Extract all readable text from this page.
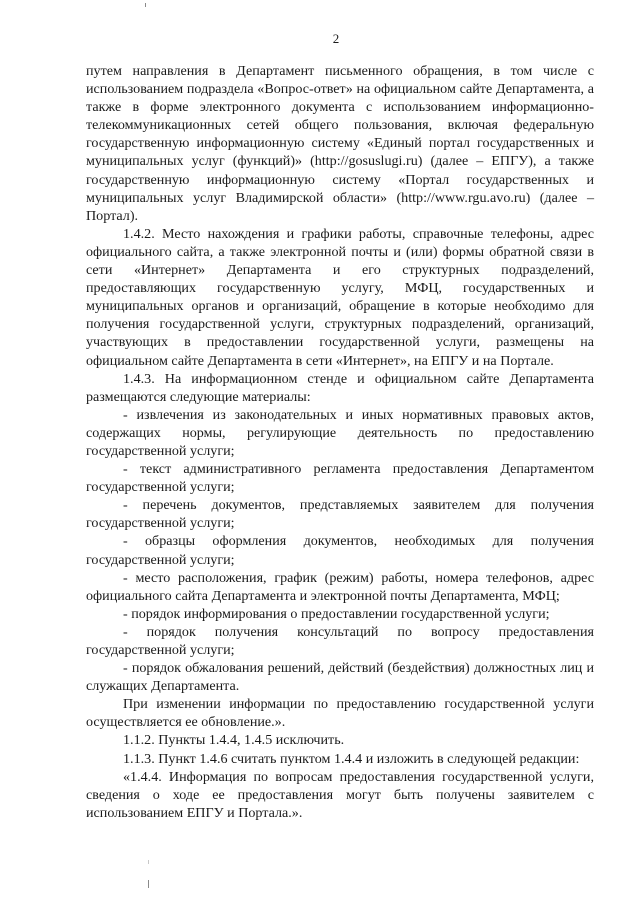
2

путем направления в Департамент письменного обращения, в том числе с использованием подраздела «Вопрос-ответ» на официальном сайте Департамента, а также в форме электронного документа с использованием информационно-телекоммуникационных сетей общего пользования, включая федеральную государственную информационную систему «Единый портал государственных и муниципальных услуг (функций)» (http://gosuslugi.ru) (далее – ЕПГУ), а также государственную информационную систему «Портал государственных и муниципальных услуг Владимирской области» (http://www.rgu.avo.ru) (далее – Портал).

1.4.2. Место нахождения и графики работы, справочные телефоны, адрес официального сайта, а также электронной почты и (или) формы обратной связи в сети «Интернет» Департамента и его структурных подразделений, предоставляющих государственную услугу, МФЦ, государственных и муниципальных органов и организаций, обращение в которые необходимо для получения государственной услуги, структурных подразделений, организаций, участвующих в предоставлении государственной услуги, размещены на официальном сайте Департамента в сети «Интернет», на ЕПГУ и на Портале.

1.4.3. На информационном стенде и официальном сайте Департамента размещаются следующие материалы:

- извлечения из законодательных и иных нормативных правовых актов, содержащих нормы, регулирующие деятельность по предоставлению государственной услуги;

- текст административного регламента предоставления Департаментом государственной услуги;

- перечень документов, представляемых заявителем для получения государственной услуги;

- образцы оформления документов, необходимых для получения государственной услуги;

- место расположения, график (режим) работы, номера телефонов, адрес официального сайта Департамента и электронной почты Департамента, МФЦ;

- порядок информирования о предоставлении государственной услуги;

- порядок получения консультаций по вопросу предоставления государственной услуги;

- порядок обжалования решений, действий (бездействия) должностных лиц и служащих Департамента.

При изменении информации по предоставлению государственной услуги осуществляется ее обновление.».

1.1.2. Пункты 1.4.4, 1.4.5 исключить.

1.1.3. Пункт 1.4.6 считать пунктом 1.4.4 и изложить в следующей редакции:

«1.4.4. Информация по вопросам предоставления государственной услуги, сведения о ходе ее предоставления могут быть получены заявителем с использованием ЕПГУ и Портала.».
